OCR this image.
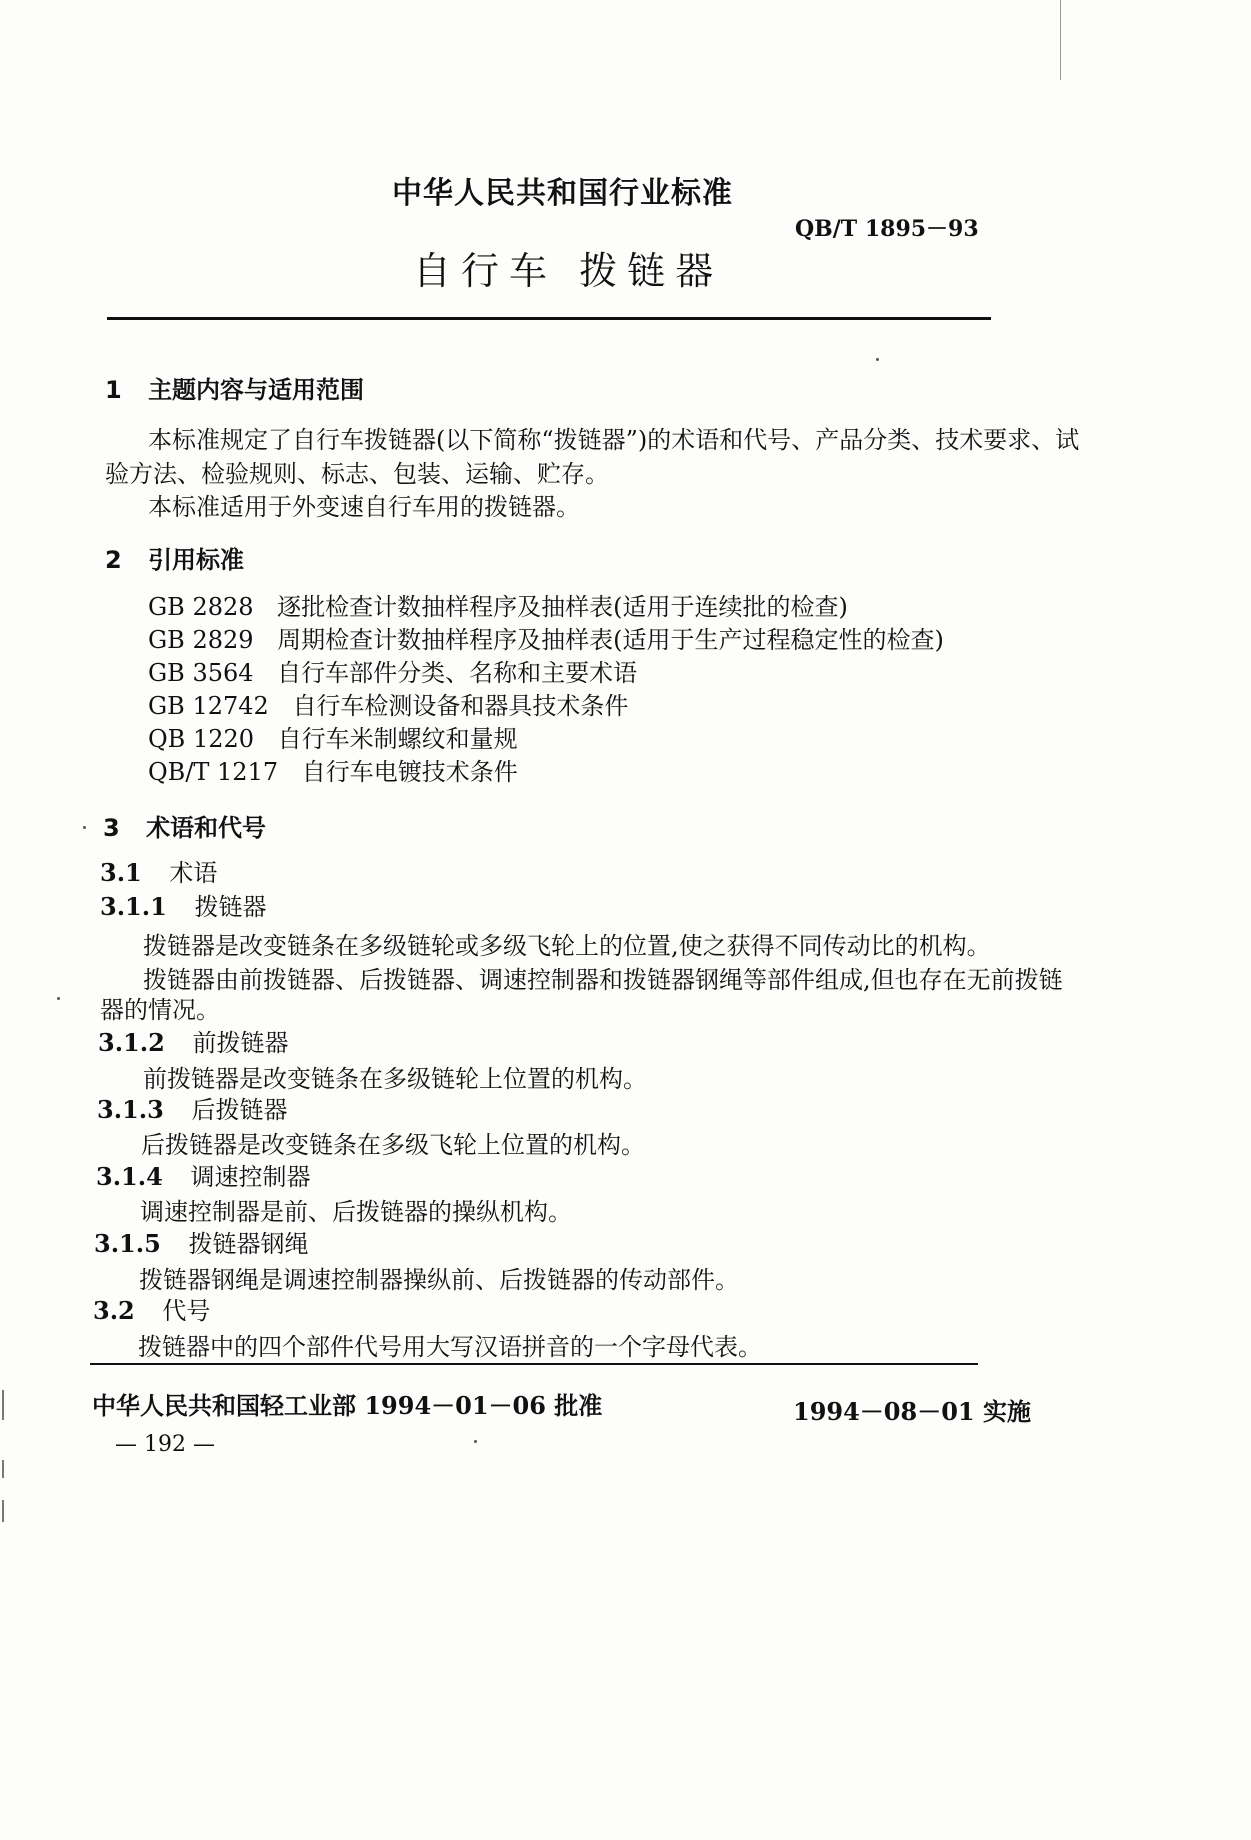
中华人民共和国行业标准
QB/T 1895－93
自行车 拨链器
1 主题内容与适用范围
本标准规定了自行车拨链器(以下简称“拨链器”)的术语和代号、产品分类、技术要求、试
验方法、检验规则、标志、包装、运输、贮存。
本标准适用于外变速自行车用的拨链器。
2 引用标准
GB 2828 逐批检查计数抽样程序及抽样表(适用于连续批的检查)
GB 2829 周期检查计数抽样程序及抽样表(适用于生产过程稳定性的检查)
GB 3564 自行车部件分类、名称和主要术语
GB 12742 自行车检测设备和器具技术条件
QB 1220 自行车米制螺纹和量规
QB/T 1217 自行车电镀技术条件
3 术语和代号
3.1 术语
3.1.1 拨链器
拨链器是改变链条在多级链轮或多级飞轮上的位置,使之获得不同传动比的机构。
拨链器由前拨链器、后拨链器、调速控制器和拨链器钢绳等部件组成,但也存在无前拨链
器的情况。
3.1.2 前拨链器
前拨链器是改变链条在多级链轮上位置的机构。
3.1.3 后拨链器
后拨链器是改变链条在多级飞轮上位置的机构。
3.1.4 调速控制器
调速控制器是前、后拨链器的操纵机构。
3.1.5 拨链器钢绳
拨链器钢绳是调速控制器操纵前、后拨链器的传动部件。
3.2 代号
拨链器中的四个部件代号用大写汉语拼音的一个字母代表。
中华人民共和国轻工业部 1994－01－06 批准	1994－08－01 实施
— 192 —
